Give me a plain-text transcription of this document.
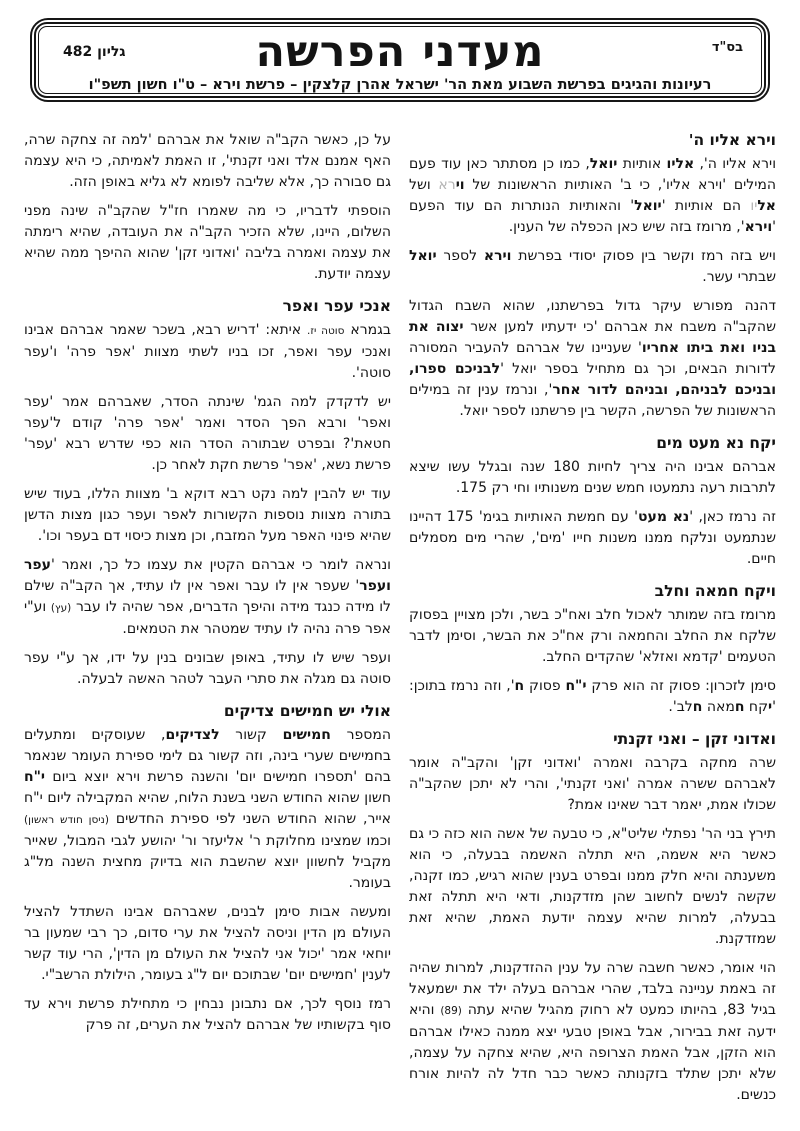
בס"ד
גליון 482	מעדני הפרשה
רעיונות והגיגים בפרשת השבוע מאת הר' ישראל אהרן קלצקין – פרשת וירא – ט"ו חשון תשפ"ו
וירא אליו ה'

וירא אליו ה', אליו אותיות יואל, כמו כן מסתתר כאן עוד פעם המילים 'וירא אליו', כי ב' האותיות הראשונות של וירא ושל אליו הם אותיות 'יואל' והאותיות הנותרות הם עוד הפעם 'וירא', מרומז בזה שיש כאן הכפלה של הענין.

ויש בזה רמז וקשר בין פסוק יסודי בפרשת וירא לספר יואל שבתרי עשר.

דהנה מפורש עיקר גדול בפרשתנו, שהוא השבח הגדול שהקב"ה משבח את אברהם 'כי ידעתיו למען אשר יצוה את בניו ואת ביתו אחריו' שעניינו של אברהם להעביר המסורה לדורות הבאים, וכך גם מתחיל בספר יואל 'לבניכם ספרו, ובניכם לבניהם, ובניהם לדור אחר', ונרמז ענין זה במילים הראשונות של הפרשה, הקשר בין פרשתנו לספר יואל.

יקח נא מעט מים

אברהם אבינו היה צריך לחיות 180 שנה ובגלל עשו שיצא לתרבות רעה נתמעטו חמש שנים משנותיו וחי רק 175.

זה נרמז כאן, 'נא מעט' עם חמשת האותיות בגימ' 175 דהיינו שנתמעט ונלקח ממנו משנות חייו 'מים', שהרי מים מסמלים חיים.

ויקח חמאה וחלב

מרומז בזה שמותר לאכול חלב ואח"כ בשר, ולכן מצויין בפסוק שלקח את החלב והחמאה ורק אח"כ את הבשר, וסימן לדבר הטעמים 'קדמא ואזלא' שהקדים החלב.

סימן לזכרון: פסוק זה הוא פרק י"ח פסוק ח', וזה נרמז בתוכן: 'יקח חמאה חלב'.

ואדוני זקן – ואני זקנתי

שרה מחקה בקרבה ואמרה 'ואדוני זקן' והקב"ה אומר לאברהם ששרה אמרה 'ואני זקנתי', והרי לא יתכן שהקב"ה שכולו אמת, יאמר דבר שאינו אמת?

תירץ בני הר' נפתלי שליט"א, כי טבעה של אשה הוא כזה כי גם כאשר היא אשמה, היא תתלה האשמה בבעלה, כי הוא משענתה והיא חלק ממנו ובפרט בענין שהוא רגיש, כמו זקנה, שקשה לנשים לחשוב שהן מזדקנות, ודאי היא תתלה זאת בבעלה, למרות שהיא עצמה יודעת האמת, שהיא זאת שמזדקנת.

הוי אומר, כאשר חשבה שרה על ענין ההזדקנות, למרות שהיה זה באמת עניינה בלבד, שהרי אברהם בעלה ילד את ישמעאל בגיל 83, בהיותו כמעט לא רחוק מהגיל שהיא עתה (89) והיא ידעה זאת בבירור, אבל באופן טבעי יצא ממנה כאילו אברהם הוא הזקן, אבל האמת הצרופה היא, שהיא צחקה על עצמה, שלא יתכן שתלד בזקנותה כאשר כבר חדל לה להיות אורח כנשים.

על כן, כאשר הקב"ה שואל את אברהם 'למה זה צחקה שרה, האף אמנם אלד ואני זקנתי', זו האמת לאמיתה, כי היא עצמה גם סבורה כך, אלא שליבה לפומא לא גליא באופן הזה.

הוספתי לדבריו, כי מה שאמרו חז"ל שהקב"ה שינה מפני השלום, היינו, שלא הזכיר הקב"ה את העובדה, שהיא רימתה את עצמה ואמרה בליבה 'ואדוני זקן' שהוא ההיפך ממה שהיא עצמה יודעת.

אנכי עפר ואפר

בגמרא סוטה יז. איתא: 'דריש רבא, בשכר שאמר אברהם אבינו ואנכי עפר ואפר, זכו בניו לשתי מצוות 'אפר פרה' ו'עפר סוטה'.

יש לדקדק למה הגמ' שינתה הסדר, שאברהם אמר 'עפר ואפר' ורבא הפך הסדר ואמר 'אפר פרה' קודם ל'עפר חטאת'? ובפרט שבתורה הסדר הוא כפי שדרש רבא 'עפר' פרשת נשא, 'אפר' פרשת חקת לאחר כן.

עוד יש להבין למה נקט רבא דוקא ב' מצוות הללו, בעוד שיש בתורה מצוות נוספות הקשורות לאפר ועפר כגון מצות הדשן שהיא פינוי האפר מעל המזבח, וכן מצות כיסוי דם בעפר וכו'.

ונראה לומר כי אברהם הקטין את עצמו כל כך, ואמר 'עפר ועפר' שעפר אין לו עבר ואפר אין לו עתיד, אך הקב"ה שילם לו מידה כנגד מידה והיפך הדברים, אפר שהיה לו עבר (עץ) וע"י אפר פרה נהיה לו עתיד שמטהר את הטמאים.

ועפר שיש לו עתיד, באופן שבונים בנין על ידו, אך ע"י עפר סוטה גם מגלה את סתרי העבר לטהר האשה לבעלה.

אולי יש חמישים צדיקים

המספר חמישים קשור לצדיקים, שעוסקים ומתעלים בחמישים שערי בינה, וזה קשור גם לימי ספירת העומר שנאמר בהם 'תספרו חמישים יום' והשנה פרשת וירא יוצא ביום י"ח חשון שהוא החודש השני בשנת הלוח, שהיא המקבילה ליום י"ח אייר, שהוא החודש השני לפי ספירת החדשים (ניסן חודש ראשון) וכמו שמצינו מחלוקת ר' אליעזר ור' יהושע לגבי המבול, שאייר מקביל לחשוון יוצא שהשבת הוא בדיוק מחצית השנה מל"ג בעומר.

ומעשה אבות סימן לבנים, שאברהם אבינו השתדל להציל העולם מן הדין וניסה להציל את ערי סדום, כך רבי שמעון בר יוחאי אמר 'יכול אני להציל את העולם מן הדין', הרי עוד קשר לענין 'חמישים יום' שבתוכם יום ל"ג בעומר, הילולת הרשב"י.

רמז נוסף לכך, אם נתבונן נבחין כי מתחילת פרשת וירא עד סוף בקשותיו של אברהם להציל את הערים, זה פרק
